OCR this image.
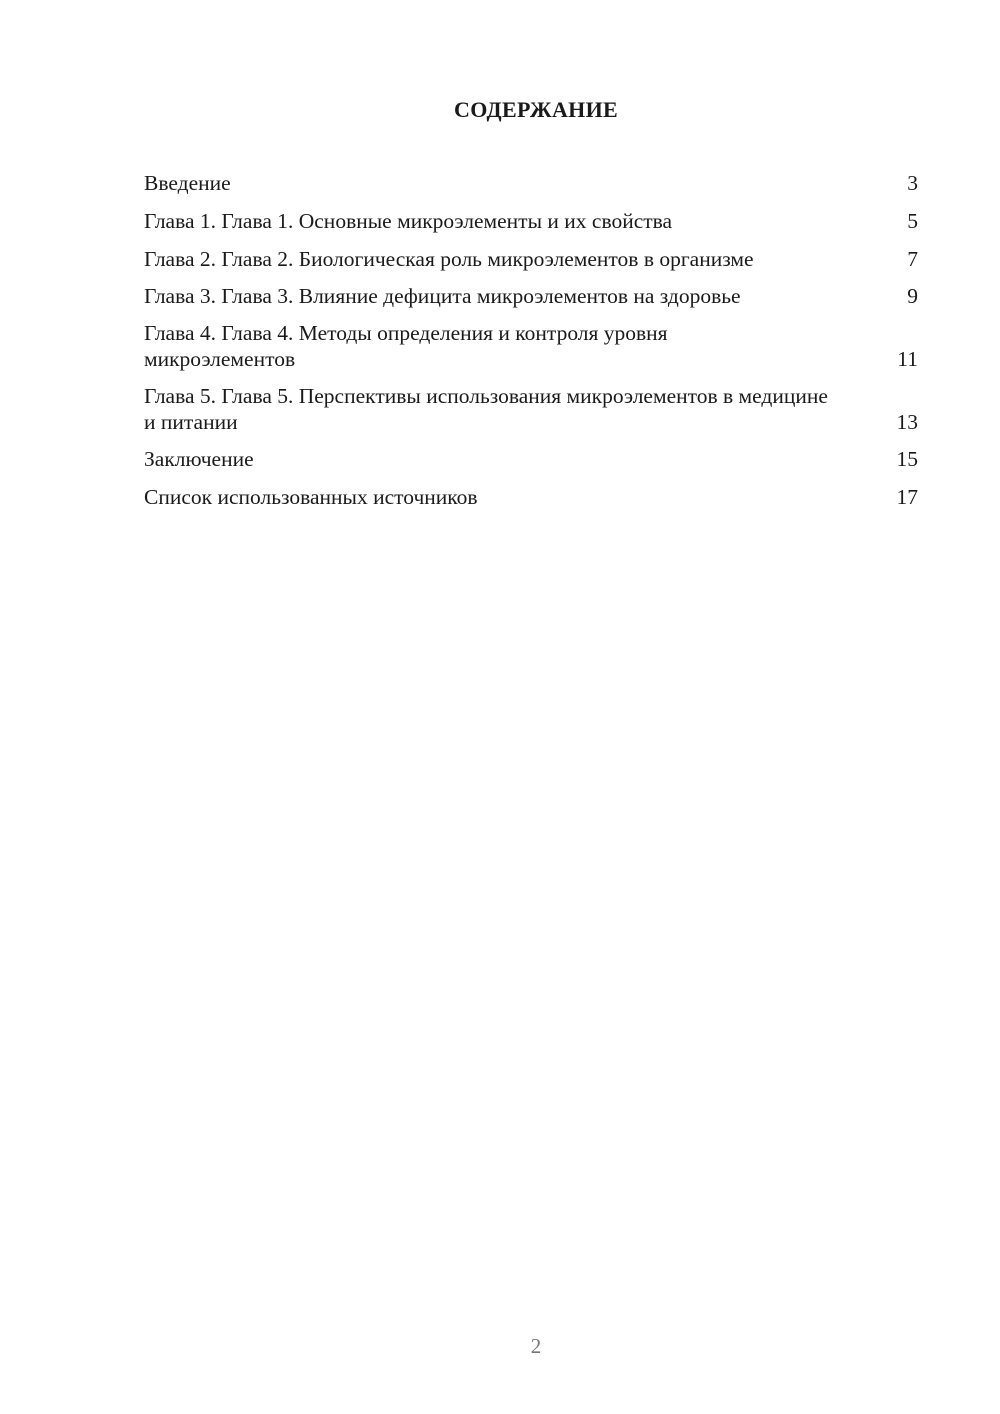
СОДЕРЖАНИЕ
Введение	3
Глава 1. Глава 1. Основные микроэлементы и их свойства	5
Глава 2. Глава 2. Биологическая роль микроэлементов в организме	7
Глава 3. Глава 3. Влияние дефицита микроэлементов на здоровье	9
Глава 4. Глава 4. Методы определения и контроля уровня микроэлементов	11
Глава 5. Глава 5. Перспективы использования микроэлементов в медицине и питании	13
Заключение	15
Список использованных источников	17
2
